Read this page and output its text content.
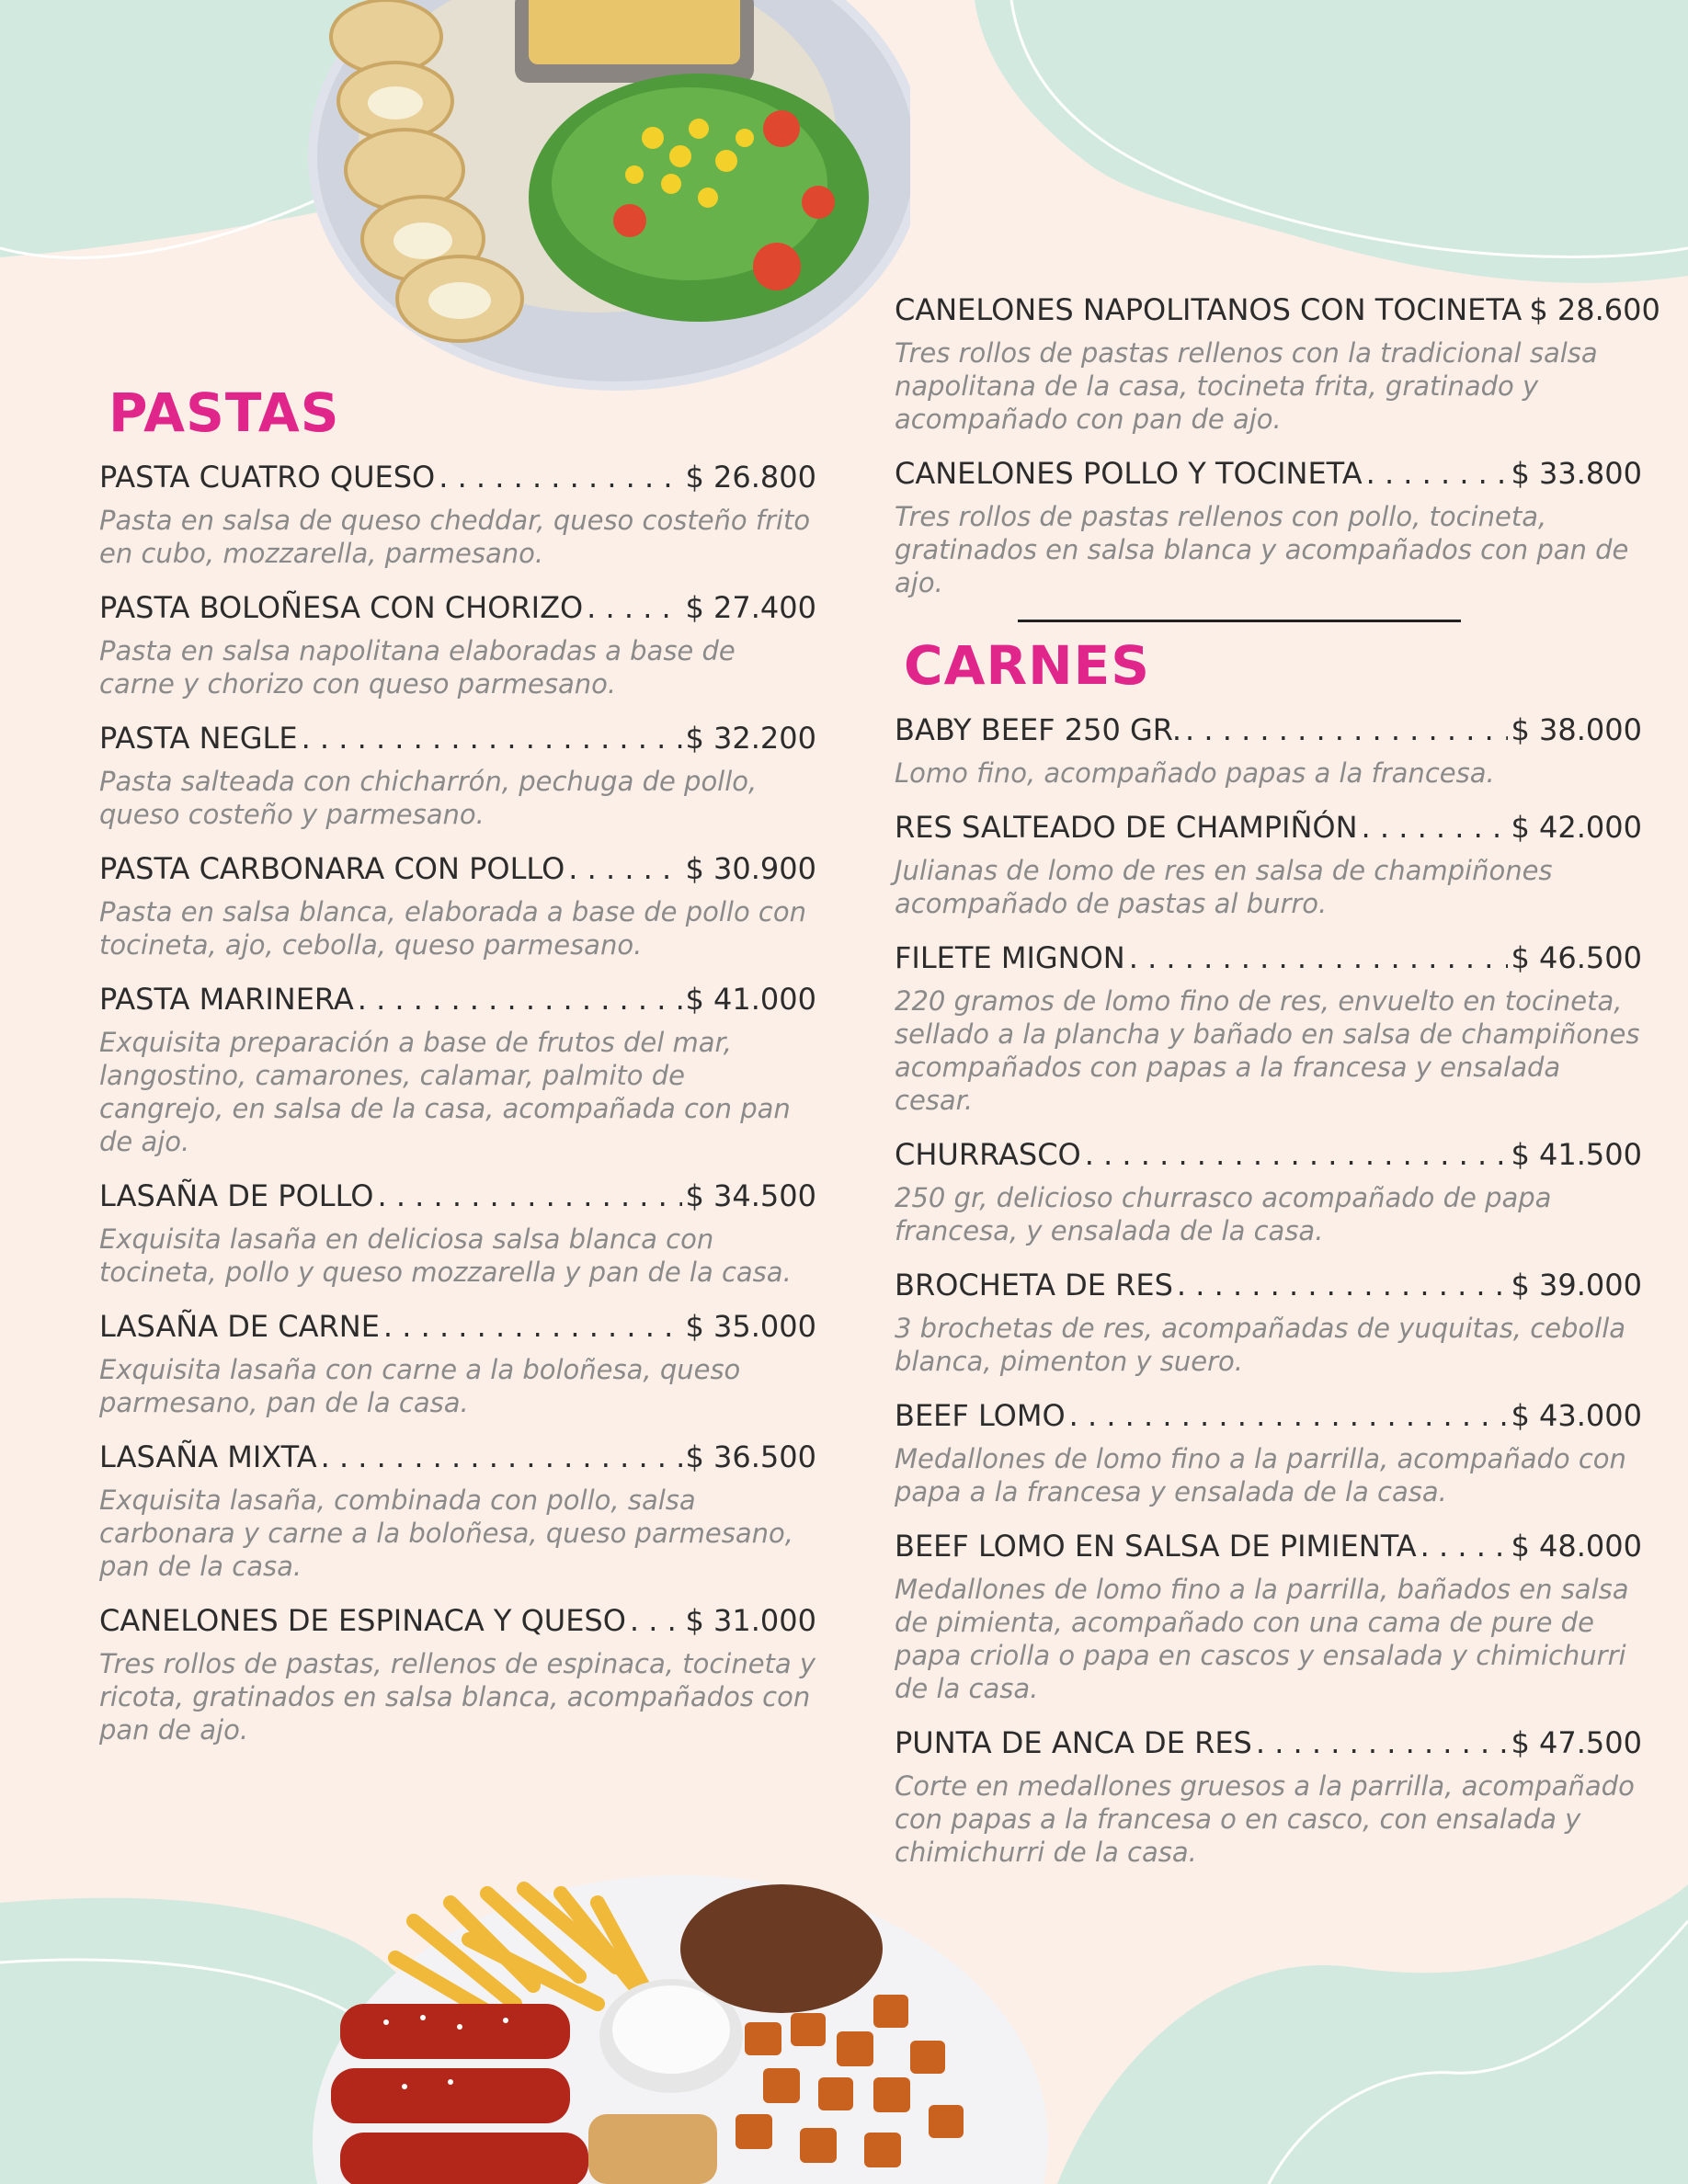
PASTAS
PASTA CUATRO QUESO . . .	$ 26.800
Pasta en salsa de queso cheddar, queso costeño frito en cubo, mozzarella, parmesano.
PASTA BOLOÑESA CON CHORIZO . . .	$ 27.400
Pasta en salsa napolitana elaboradas a base de carne y chorizo con queso parmesano.
PASTA NEGLE . . .	$ 32.200
Pasta salteada con chicharrón, pechuga de pollo, queso costeño y parmesano.
PASTA CARBONARA CON POLLO . . .	$ 30.900
Pasta en salsa blanca, elaborada a base de pollo con tocineta, ajo, cebolla, queso parmesano.
PASTA MARINERA . . .	$ 41.000
Exquisita preparación a base de frutos del mar, langostino, camarones, calamar, palmito de cangrejo, en salsa de la casa, acompañada con pan de ajo.
LASAÑA DE POLLO . . .	$ 34.500
Exquisita lasaña en deliciosa salsa blanca con tocineta, pollo y queso mozzarella y pan de la casa.
LASAÑA DE CARNE . . .	$ 35.000
Exquisita lasaña con carne a la boloñesa, queso parmesano, pan de la casa.
LASAÑA MIXTA . . .	$ 36.500
Exquisita lasaña, combinada con pollo, salsa carbonara y carne a la boloñesa, queso parmesano, pan de la casa.
CANELONES DE ESPINACA Y QUESO . . . $ 31.000
Tres rollos de pastas, rellenos de espinaca, tocineta y ricota, gratinados en salsa blanca, acompañados con pan de ajo.
CANELONES NAPOLITANOS CON TOCINETA $ 28.600
Tres rollos de pastas rellenos con la tradicional salsa napolitana de la casa, tocineta frita, gratinado y acompañado con pan de ajo.
CANELONES POLLO Y TOCINETA . . .	$ 33.800
Tres rollos de pastas rellenos con pollo, tocineta, gratinados en salsa blanca y acompañados con pan de ajo.
CARNES
BABY BEEF 250 GR. . . .	$ 38.000
Lomo fino, acompañado papas a la francesa.
RES SALTEADO DE CHAMPIÑÓN . . .	$ 42.000
Julianas de lomo de res en salsa de champiñones acompañado de pastas al burro.
FILETE MIGNON . . .	$ 46.500
220 gramos de lomo fino de res, envuelto en tocineta, sellado a la plancha y bañado en salsa de champiñones acompañados con papas a la francesa y ensalada cesar.
CHURRASCO . . .	$ 41.500
250 gr, delicioso churrasco acompañado de papa francesa, y ensalada de la casa.
BROCHETA DE RES . . .	$ 39.000
3 brochetas de res, acompañadas de yuquitas, cebolla blanca, pimenton y suero.
BEEF LOMO . . .	$ 43.000
Medallones de lomo fino a la parrilla, acompañado con papa a la francesa y ensalada de la casa.
BEEF LOMO EN SALSA DE PIMIENTA . . .	$ 48.000
Medallones de lomo fino a la parrilla, bañados en salsa de pimienta, acompañado con una cama de pure de papa criolla o papa en cascos y ensalada y chimichurri de la casa.
PUNTA DE ANCA DE RES . . .	$ 47.500
Corte en medallones gruesos a la parrilla, acompañado con papas a la francesa o en casco, con ensalada y chimichurri de la casa.
